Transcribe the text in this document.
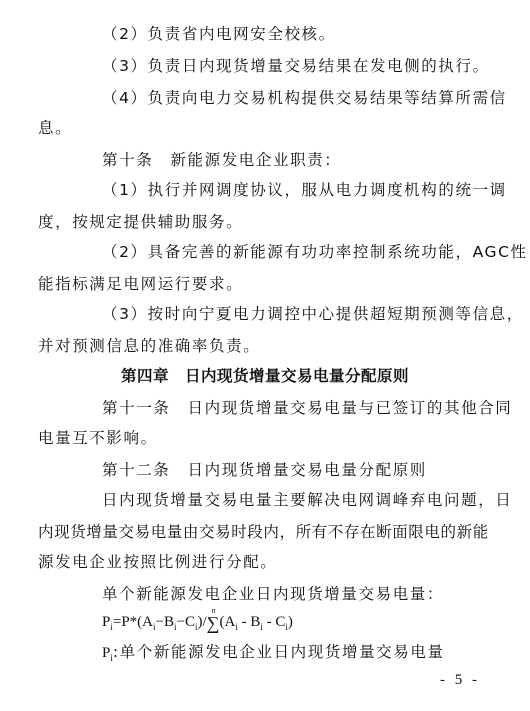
（2）负责省内电网安全校核。
（3）负责日内现货增量交易结果在发电侧的执行。
（4）负责向电力交易机构提供交易结果等结算所需信
息。
第十条　新能源发电企业职责：
（1）执行并网调度协议，服从电力调度机构的统一调
度，按规定提供辅助服务。
（2）具备完善的新能源有功功率控制系统功能，AGC性
能指标满足电网运行要求。
（3）按时向宁夏电力调控中心提供超短期预测等信息，
并对预测信息的准确率负责。
第四章　日内现货增量交易电量分配原则
第十一条　日内现货增量交易电量与已签订的其他合同
电量互不影响。
第十二条　日内现货增量交易电量分配原则
日内现货增量交易电量主要解决电网调峰弃电问题，日
内现货增量交易电量由交易时段内，所有不存在断面限电的新能
源发电企业按照比例进行分配。
单个新能源发电企业日内现货增量交易电量：
$P_i=P*(A_i-B_i-C_i)/$
n
$\sum(A_i - B_i - C_i)$
$P_i$:单个新能源发电企业日内现货增量交易电量
- 5 -
